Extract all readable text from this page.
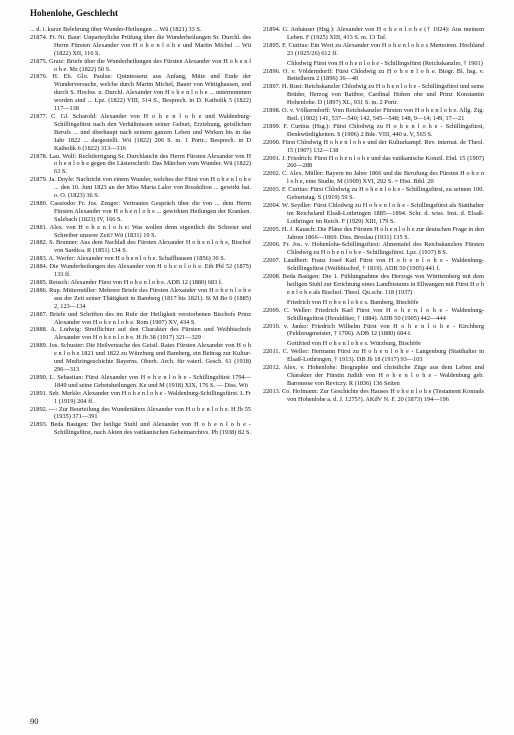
Hohenlohe, Geschlecht
... d. i. kurze Belehrung über Wunder-Heilungen ... Wü (1821) 33 S.
21874. Fr. Ni. Baur: Unparteyliche Prüfung über die Wunderheilungen Sr. Durchl. des Herrn Fürsten Alexander von H o h e n l o h e und Martin Michel ... Wü (1822) XII, 116 S.
21875. Gratz: Briefe über die Wunderheilungen des Fürsten Alexander von H o h e n l o h e. Mz (1822) 50 S.
21876. H. Eb. Glo. Paulus: Quintessenz aus Anfang, Mitte und Ende der Wunderversuche, welche durch Martin Michel, Bauer von Wittighausen, und durch S. Hochw. u. Durchl. Alexander von H o h e n l o h e ... unternommen worden sind ... Lpz. (1822) VIII, 314 S., Besprech. in D. Katholik 5 (1822) 117—138
21877. C. Gf. Scharold: Alexander von H o h e n l o h e und Waldenburg-Schillingsfürst nach den Verhältnissen seiner Geburt, Erziehung, geistlichen Berufs ... und überhaupt nach seinem ganzen Leben und Wirken bis in das Jahr 1822 ... dargestellt. Wü (1822) 206 S. m. 1 Portr.; Besprech. in D Katholik 6 (1822) 313—316
21878. Lau. Wolf: Rechtfertigung Sr. Durchlaucht des Herrn Fürsten Alexander von H o h e n l o h e gegen die Lästerschrift: Das Märchen vom Wunder. Wü (1822) 63 S.
21879. Ja. Doyle: Nachricht von einem Wunder, welches der Fürst von H o h e n l o h e ... den 10. Juni 1823 an der Miss Maria Lalor von Rosskilton ... gewirkt hat. o. O. (1823) 36 S.
21880. Cassiodor Fr. Jos. Zenger: Vertrautes Gespräch über die von ... dem Herrn Fürsten Alexander von H o h e n l o h e ... gewirkten Heilungen der Kranken. Sulzbach (1823) IV, 166 S.
21881. Alex. von H o h e n l o h e: Was wollen denn eigentlich die Schreier und Schreiber unserer Zeit? Wü (1831) 19 S.
21882. S. Brunner: Aus dem Nachlaß des Fürsten Alexander H o h e n l o h e, Bischof von Sardica. R (1851) 134 S.
21883. A. Werfer: Alexander von H o h e n l o h e. Schaffhausen (1856) 30 S.
21884. Die Wunderheilungen des Alexander von H o h e n l o h e. Eth Pbl 52 (1875) 133 ff.
21885. Reusch: Alexander Fürst von H o h e n l o h e. ADB 12 (1880) 683 f.
21886. Rup. Mittermüller: Mehrere Briefe des Fürsten Alexander von H o h e n l o h e aus der Zeit seiner Thätigkeit in Bamberg (1817 bis 1821). St M Bo 6 (1885) 2, 123—134
21887. Briefe und Schriften des im Rufe der Heiligkeit verstorbenen Bischofs Prinz Alexander von H o h e n l o h e. Rom (1907) XV, 434 S.
21888. A. Ludwig: Streiflichter auf den Charakter des Fürsten und Weihbischofs Alexander von H o h e n l o h e. H Jb 38 (1917) 321—329
21889. Jos. Schuster: Die Heilversuche des Geistl. Rates Fürsten Alexander von H o h e n l o h e 1821 und 1822 zu Würzburg und Bamberg, ein Beitrag zur Kultur- und Medizingeschichte Bayerns. Oberb. Arch. für vaterl. Gesch. 61 (1918) 296—313
21890. L. Sebastian: Fürst Alexander von H o h e n l o h e - Schillingsfürst 1794—1849 und seine Gebetsheilungen. Ke und M (1918) XIX, 176 S. — Diss. Wü
21891. Seb. Merkle: Alexander von H o h e n l o h e - Waldenburg-Schillingsfürst. L Fr 1 (1919) 204 ff.
21892. —: Zur Beurteilung des Wundertäters Alexander von H o h e n l o h e. H Jb 55 (1935) 371—391
21893. Beda Bastgen: Der heilige Stuhl und Alexander von H o h e n l o h e - Schillingsfürst, nach Akten des vatikanischen Geheimarchivs. Pb (1938) 82 S.
21894. G. Anhäuser (Hsg.): Alexander von H o h e n l o h e († 1924): Aus meinem Leben. F (1925) XIII, 413 S. m. 13 Taf.
21895. F. Curtius: Ein Wort zu Alexander von H o h e n l o h e s Memoiren. Hochland 23 (1925/26) 612 ff.
Chlodwig Fürst von H o h e n l o h e - Schillingsfürst (Reichskanzler, † 1901)
21896. O. v. Völderndorff: Fürst Chlodwig zu H o h e n l o h e. Biogr. Bl. hsg. v. Bettelheim 2 (1896) 36—40
21897. H. Rust: Reichskanzler Chlodwig zu H o h e n l o h e - Schillingsfürst und seine Brüder, Herzog von Ratibor, Cardinal Hohen ohe und Prinz Konstantin Hohenlohe. D (1897) XL, 931 S. m. 2 Portr.
21898. O. v. Völkerndorff: Vom Reichskanzler Fürsten von H o h e n l o h e. Allg. Ztg. Beil. (1902) 141, 537—540; 142, 545—548; 148, 9—14; 149, 17—21
21899. F. Curtius (Hsg.): Fürst Chlodwig zu H o h e n l o h e - Schillingsfürst, Denkwürdigkeiten. S (1906) 2 Bde. VIII, 440 u. V, 565 S.
22000. Fürst Chlodwig H o h e n l o h e und der Kulturkampf. Rev. internat. de Theol. 15 (1907) 132—138
22001. J. Friedrich: Fürst H o h e n l o h e und das vatikanische Konzil. Ebd. 15 (1907) 260—288
22002. C. Alex. Müller: Bayern im Jahre 1866 und die Berufung des Fürsten H o h e n l o h e, eine Studie. M (1909) XVI, 292 S. = Hist. Bibl. 20
22003. F. Curtius: Fürst Chlodwig zu H o h e n l o h e - Schillingsfürst, zu seinem 100. Geburtstag. S (1919) 59 S.
22004. W. Seydler: Fürst Chlodwig zu H o h e n l o h e - Schillingsfürst als Statthalter im Reichsland Elsaß-Lothringen 1885—1894. Schr. d. wiss. Inst. d. Elsaß-Lothringer im Reich. F (1929) XIII, 179 S.
22005. H. J. Kausch: Die Pläne des Fürsten H o h e n l o h e zur deutschen Frage in den Jahren 1866—1869. Diss. Breslau (1931) 135 S.
22006. Fr. Jos. v. Hohenlohe-Schillingsfürst: Ahnentafel des Reichskanzlers Fürsten Chlodwig zu H o h e n l o h e - Schillingsfürst. Lpz. (1937) 8 S.
22007. Laudhert: Franz Josef Karl Fürst von H o h e n l o h e - Waldenburg-Schillingsfürst (Weihbischof, † 1819). ADB 50 (1905) 441 f.
22008. Beda Bastgen: Die 1. Fühlungnahme des Herzogs von Württemberg mit dem heiligen Stuhl zur Errichtung eines Landbistums in Ellwangen mit Fürst H o h e n l o h e als Bischof. Theol. Qu.schr. 118 (1937)
Friedrich von H o h e n l o h e s. Bamberg, Bischöfe
22009. C. Weller: Friedrich Karl Fürst von H o h e n l o h e - Waldenburg-Schillingsfürst (Heraldiker, † 1884). ADB 50 (1905) 442—444
22010. v. Janko: Friedrich Wilhelm Fürst von H o h e n l o h e - Kirchberg (Feldzeugmeister, † 1796). ADB 12 (1880) 684 f.
Gottfried von H o h e n l o h e s. Würzburg, Bischöfe
22011. C. Weller: Hermann Fürst zu H o h e n l o h e - Langenburg (Statthalter in Elsaß-Lothringen, † 1913). DB Jb 18 (1917) 93—103
22012. Alex. v. Hohenlohe: Biographie und christliche Züge aus dem Leben und Charakter der Fürstin Judith von H o h e n l o h e - Waldenburg geb. Baronesse von Reviczy. R (1836) 136 Seiten
22013. Co. Hofmann: Zur Geschichte des Hauses H o h e n l o h e (Testament Konrads von Hohenlohe a. d. J. 1275?). AKdV N. F. 20 (1873) 194—196
90
